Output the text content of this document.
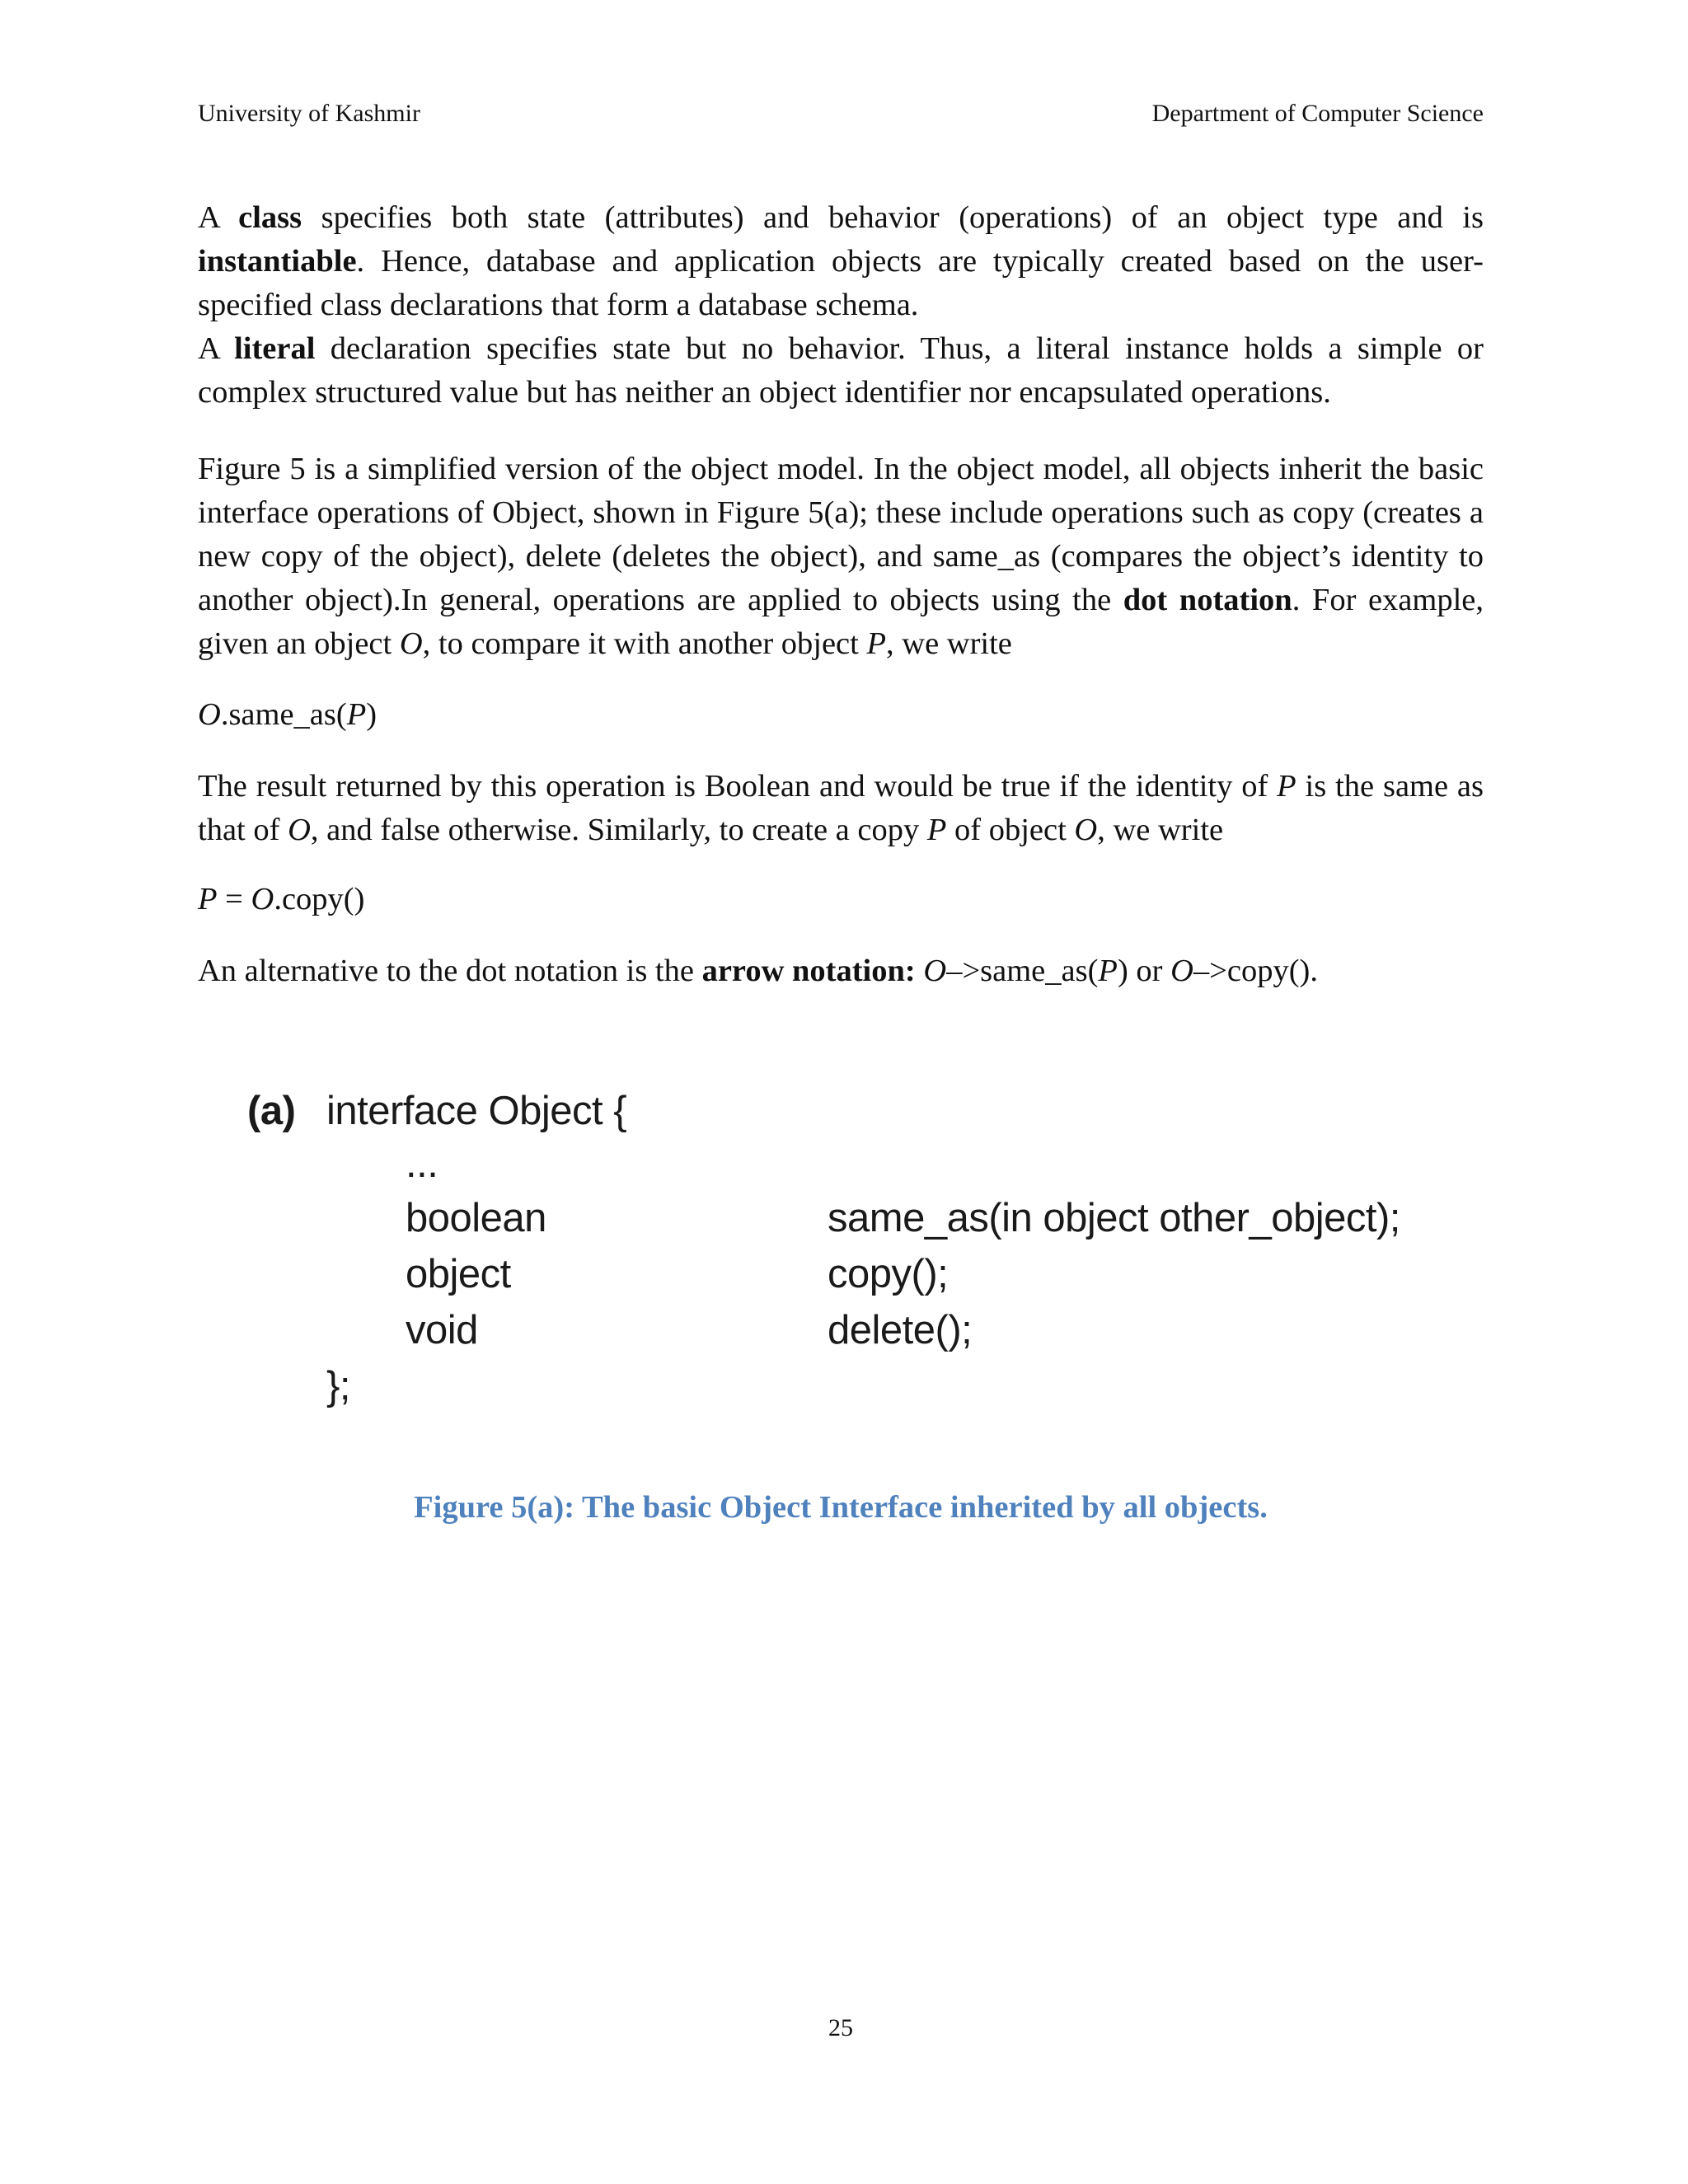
University of Kashmir	Department of Computer Science

A class specifies both state (attributes) and behavior (operations) of an object type and is instantiable. Hence, database and application objects are typically created based on the user-specified class declarations that form a database schema.

A literal declaration specifies state but no behavior. Thus, a literal instance holds a simple or complex structured value but has neither an object identifier nor encapsulated operations.

Figure 5 is a simplified version of the object model. In the object model, all objects inherit the basic interface operations of Object, shown in Figure 5(a); these include operations such as copy (creates a new copy of the object), delete (deletes the object), and same_as (compares the object’s identity to another object).In general, operations are applied to objects using the dot notation. For example, given an object O, to compare it with another object P, we write

O.same_as(P)

The result returned by this operation is Boolean and would be true if the identity of P is the same as that of O, and false otherwise. Similarly, to create a copy P of object O, we write

P = O.copy()

An alternative to the dot notation is the arrow notation: O–>same_as(P) or O–>copy().

(a) interface Object {
...
boolean	same_as(in object other_object);
object	copy();
void	delete();
};
Figure 5(a): The basic Object Interface inherited by all objects.
25
